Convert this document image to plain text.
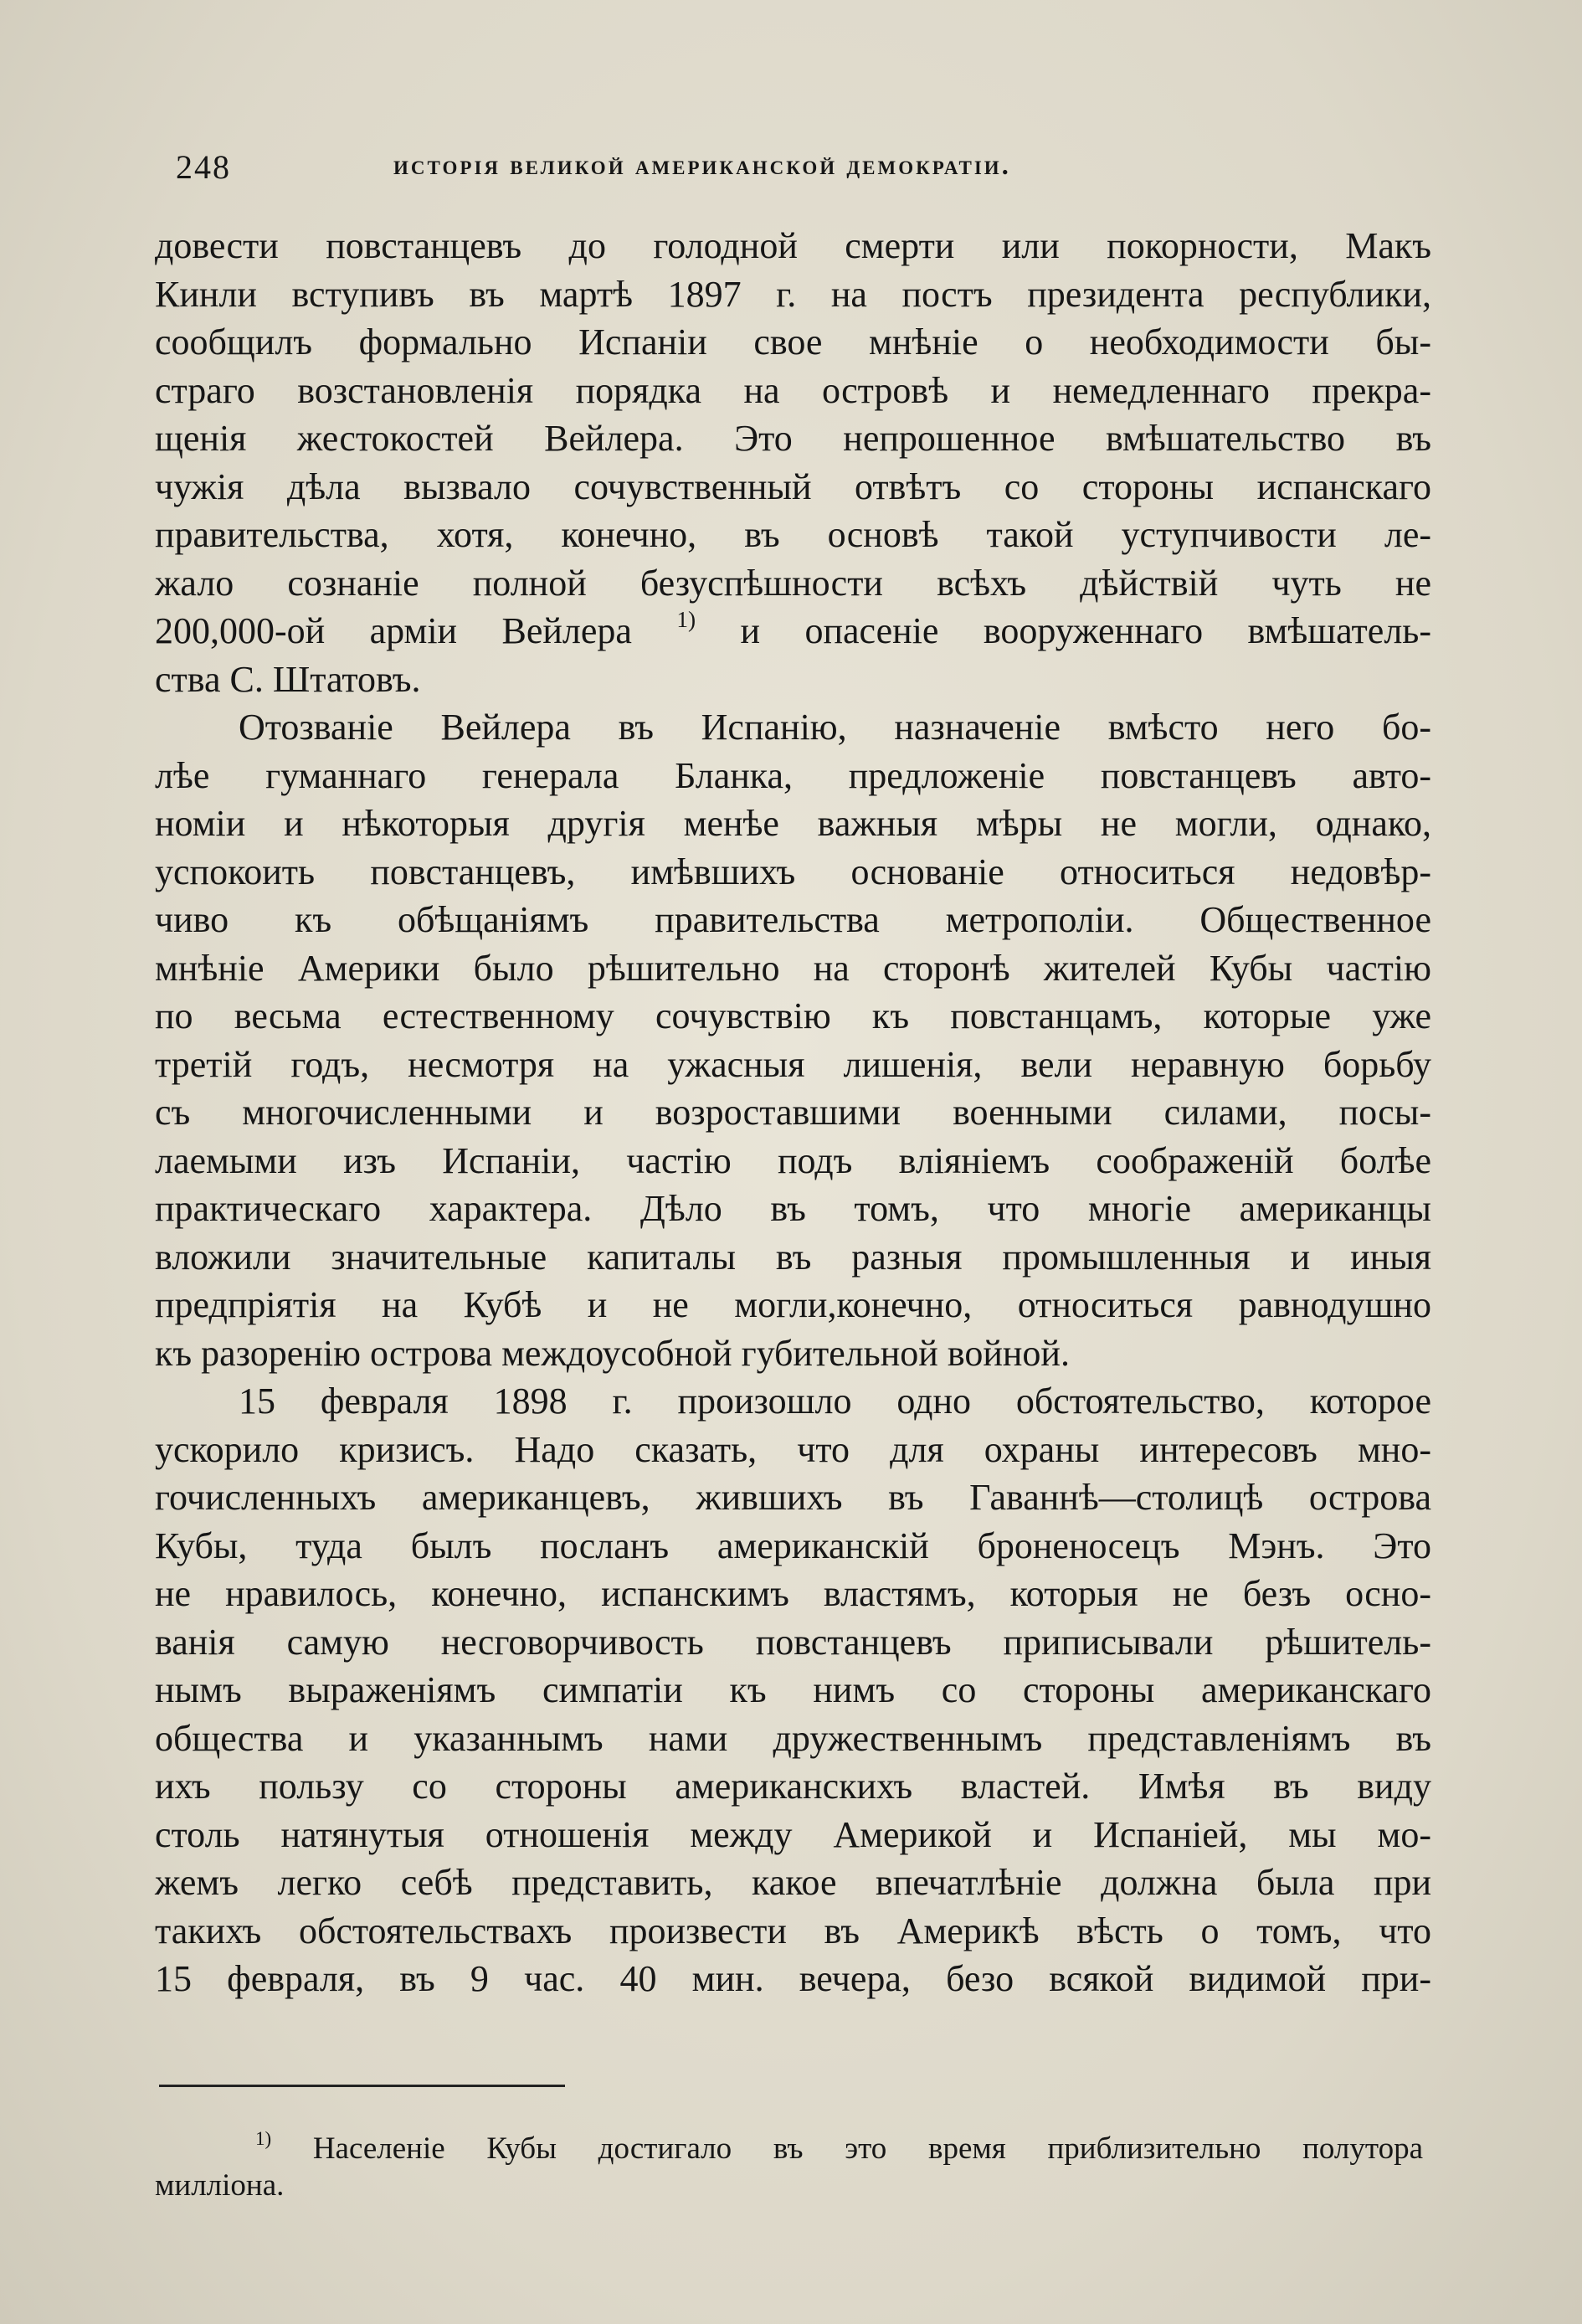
248	исторія великой американской демократіи.
довести повстанцевъ до голодной смерти или покорности, Макъ
Кинли вступивъ въ мартѣ 1897 г. на постъ президента республики,
сообщилъ формально Испаніи свое мнѣніе о необходимости бы-
страго возстановленія порядка на островѣ и немедленнаго прекра-
щенія жестокостей Вейлера. Это непрошенное вмѣшательство въ
чужія дѣла вызвало сочувственный отвѣтъ со стороны испанскаго
правительства, хотя, конечно, въ основѣ такой уступчивости ле-
жало сознаніе полной безуспѣшности всѣхъ дѣйствій чуть не
200,000-ой арміи Вейлера $^{1)}$ и опасеніе вооруженнаго вмѣшатель-
ства С. Штатовъ.
Отозваніе Вейлера въ Испанію, назначеніе вмѣсто него бо-
лѣе гуманнаго генерала Бланка, предложеніе повстанцевъ авто-
номіи и нѣкоторыя другія менѣе важныя мѣры не могли, однако,
успокоить повстанцевъ, имѣвшихъ основаніе относиться недовѣр-
чиво къ обѣщаніямъ правительства метрополіи. Общественное
мнѣніе Америки было рѣшительно на сторонѣ жителей Кубы частію
по весьма естественному сочувствію къ повстанцамъ, которые уже
третій годъ, несмотря на ужасныя лишенія, вели неравную борьбу
съ многочисленными и возроставшими военными силами, посы-
лаемыми изъ Испаніи, частію подъ вліяніемъ соображеній болѣе
практическаго характера. Дѣло въ томъ, что многіе американцы
вложили значительные капиталы въ разныя промышленныя и иныя
предпріятія на Кубѣ и не могли,конечно, относиться равнодушно
къ разоренію острова междоусобной губительной войной.
15 февраля 1898 г. произошло одно обстоятельство, которое
ускорило кризисъ. Надо сказать, что для охраны интересовъ мно-
гочисленныхъ американцевъ, жившихъ въ Гаваннѣ—столицѣ острова
Кубы, туда былъ посланъ американскій броненосецъ Мэнъ. Это
не нравилось, конечно, испанскимъ властямъ, которыя не безъ осно-
ванія самую несговорчивость повстанцевъ приписывали рѣшитель-
нымъ выраженіямъ симпатіи къ нимъ со стороны американскаго
общества и указаннымъ нами дружественнымъ представленіямъ въ
ихъ пользу со стороны американскихъ властей. Имѣя въ виду
столь натянутыя отношенія между Америкой и Испаніей, мы мо-
жемъ легко себѣ представить, какое впечатлѣніе должна была при
такихъ обстоятельствахъ произвести въ Америкѣ вѣсть о томъ, что
15 февраля, въ 9 час. 40 мин. вечера, безо всякой видимой при-
$^{1)}$ Населеніе Кубы достигало въ это время приблизительно полутора
милліона.
